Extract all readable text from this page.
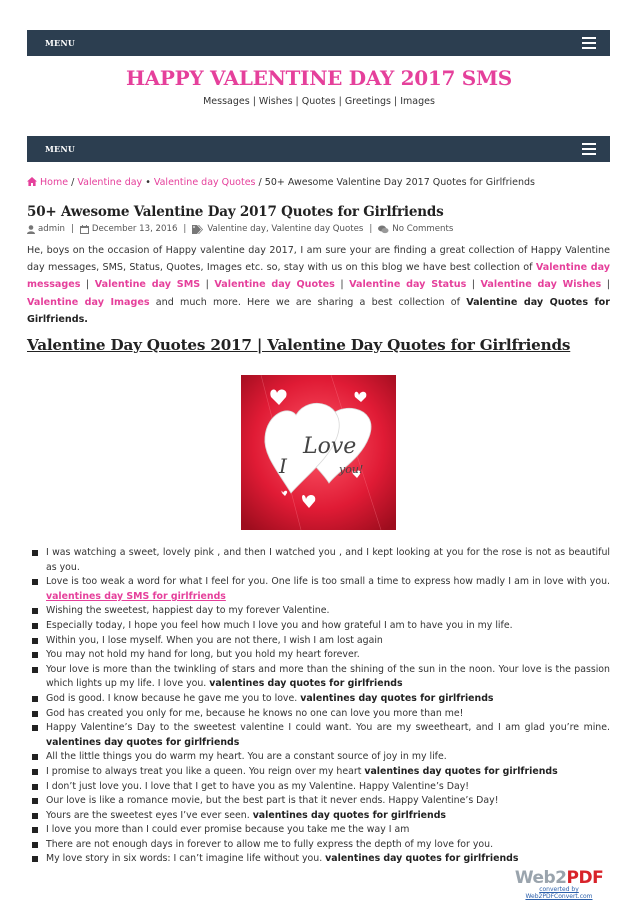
MENU
HAPPY VALENTINE DAY 2017 SMS
Messages | Wishes | Quotes | Greetings | Images
MENU
Home / Valentine day • Valentine day Quotes / 50+ Awesome Valentine Day 2017 Quotes for Girlfriends
50+ Awesome Valentine Day 2017 Quotes for Girlfriends
admin | December 13, 2016 | Valentine day, Valentine day Quotes | No Comments
He, boys on the occasion of Happy valentine day 2017, I am sure your are finding a great collection of Happy Valentine day messages, SMS, Status, Quotes, Images etc. so, stay with us on this blog we have best collection of Valentine day messages | Valentine day SMS | Valentine day Quotes | Valentine day Status | Valentine day Wishes | Valentine day Images and much more. Here we are sharing a best collection of Valentine day Quotes for Girlfriends.
Valentine Day Quotes 2017 | Valentine Day Quotes for Girlfriends
Love
I	you!
I was watching a sweet, lovely pink , and then I watched you , and I kept looking at you for the rose is not as beautiful as you.
Love is too weak a word for what I feel for you. One life is too small a time to express how madly I am in love with you. valentines day SMS for girlfriends
Wishing the sweetest, happiest day to my forever Valentine.
Especially today, I hope you feel how much I love you and how grateful I am to have you in my life.
Within you, I lose myself. When you are not there, I wish I am lost again
You may not hold my hand for long, but you hold my heart forever.
Your love is more than the twinkling of stars and more than the shining of the sun in the noon. Your love is the passion which lights up my life. I love you. valentines day quotes for girlfriends
God is good. I know because he gave me you to love. valentines day quotes for girlfriends
God has created you only for me, because he knows no one can love you more than me!
Happy Valentine’s Day to the sweetest valentine I could want. You are my sweetheart, and I am glad you’re mine. valentines day quotes for girlfriends
All the little things you do warm my heart. You are a constant source of joy in my life.
I promise to always treat you like a queen. You reign over my heart valentines day quotes for girlfriends
I don’t just love you. I love that I get to have you as my Valentine. Happy Valentine’s Day!
Our love is like a romance movie, but the best part is that it never ends. Happy Valentine’s Day!
Yours are the sweetest eyes I’ve ever seen. valentines day quotes for girlfriends
I love you more than I could ever promise because you take me the way I am
There are not enough days in forever to allow me to fully express the depth of my love for you.
My love story in six words: I can’t imagine life without you. valentines day quotes for girlfriends
Web2PDF
converted by Web2PDFConvert.com
